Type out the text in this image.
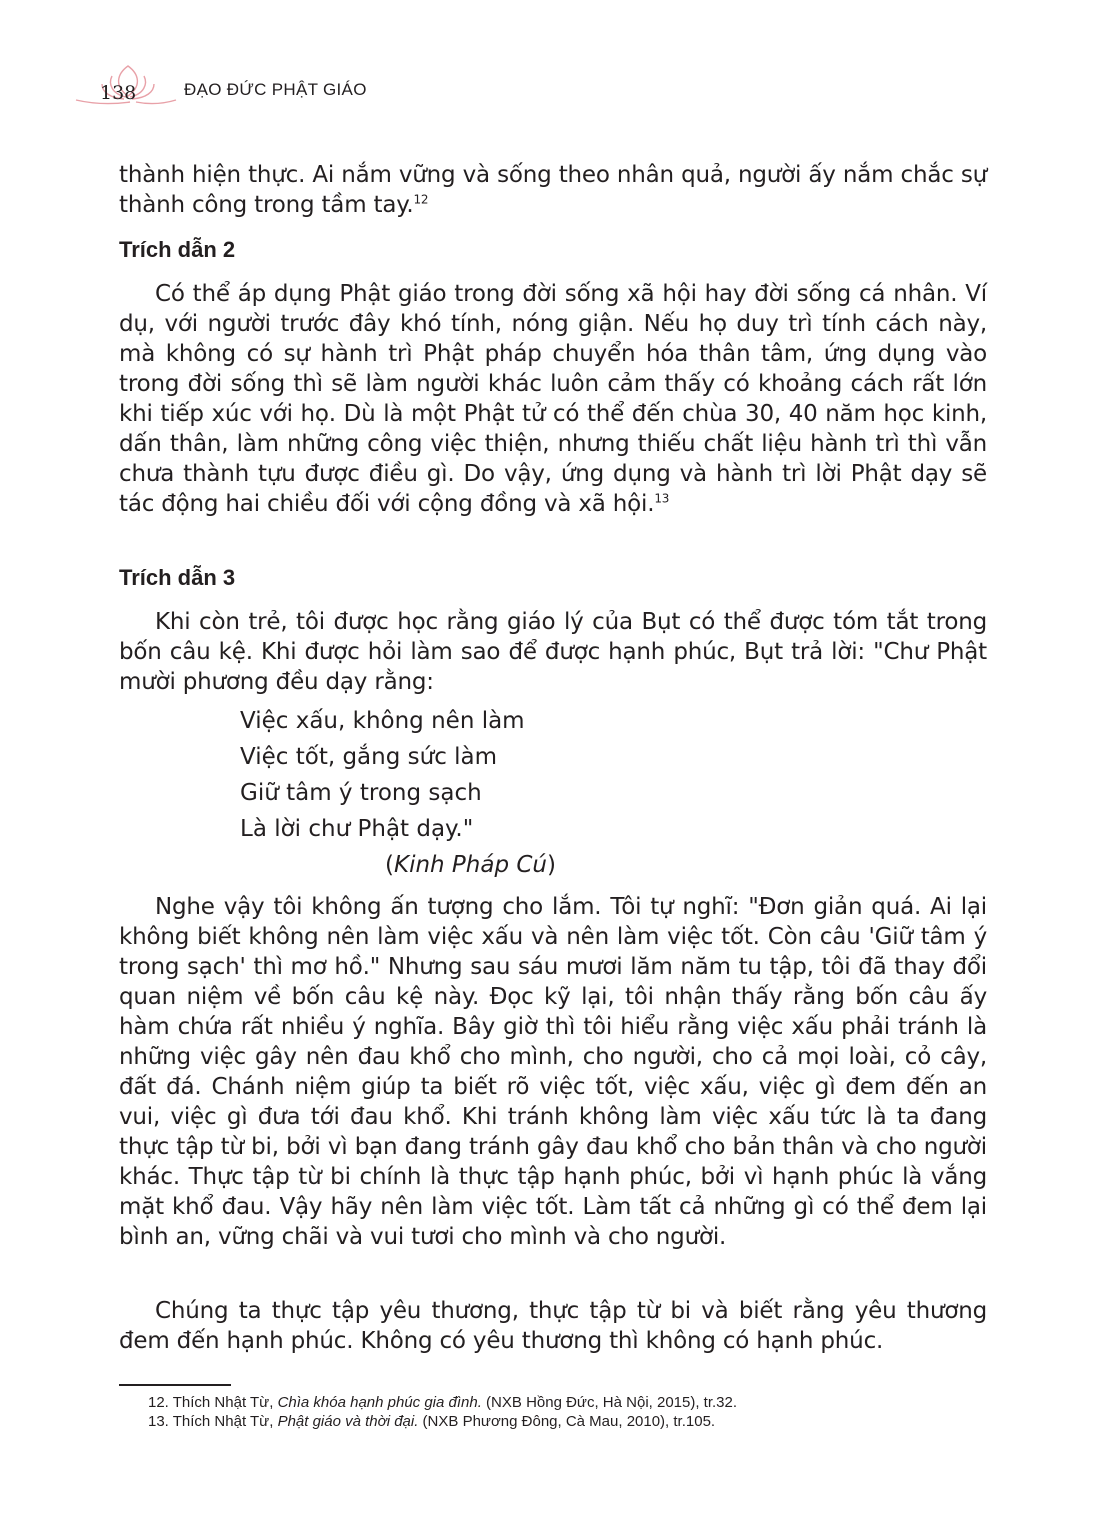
138	ĐẠO ĐỨC PHẬT GIÁO

thành hiện thực. Ai nắm vững và sống theo nhân quả, người ấy nắm chắc sự thành công trong tầm tay.$^{12}$

Trích dẫn 2

Có thể áp dụng Phật giáo trong đời sống xã hội hay đời sống cá nhân. Ví dụ, với người trước đây khó tính, nóng giận. Nếu họ duy trì tính cách này, mà không có sự hành trì Phật pháp chuyển hóa thân tâm, ứng dụng vào trong đời sống thì sẽ làm người khác luôn cảm thấy có khoảng cách rất lớn khi tiếp xúc với họ. Dù là một Phật tử có thể đến chùa 30, 40 năm học kinh, dấn thân, làm những công việc thiện, nhưng thiếu chất liệu hành trì thì vẫn chưa thành tựu được điều gì. Do vậy, ứng dụng và hành trì lời Phật dạy sẽ tác động hai chiều đối với cộng đồng và xã hội.$^{13}$

Trích dẫn 3

Khi còn trẻ, tôi được học rằng giáo lý của Bụt có thể được tóm tắt trong bốn câu kệ. Khi được hỏi làm sao để được hạnh phúc, Bụt trả lời: "Chư Phật mười phương đều dạy rằng:

Việc xấu, không nên làm

Việc tốt, gắng sức làm

Giữ tâm ý trong sạch

Là lời chư Phật dạy."

(Kinh Pháp Cú)

Nghe vậy tôi không ấn tượng cho lắm. Tôi tự nghĩ: "Đơn giản quá. Ai lại không biết không nên làm việc xấu và nên làm việc tốt. Còn câu 'Giữ tâm ý trong sạch' thì mơ hồ." Nhưng sau sáu mươi lăm năm tu tập, tôi đã thay đổi quan niệm về bốn câu kệ này. Đọc kỹ lại, tôi nhận thấy rằng bốn câu ấy hàm chứa rất nhiều ý nghĩa. Bây giờ thì tôi hiểu rằng việc xấu phải tránh là những việc gây nên đau khổ cho mình, cho người, cho cả mọi loài, cỏ cây, đất đá. Chánh niệm giúp ta biết rõ việc tốt, việc xấu, việc gì đem đến an vui, việc gì đưa tới đau khổ. Khi tránh không làm việc xấu tức là ta đang thực tập từ bi, bởi vì bạn đang tránh gây đau khổ cho bản thân và cho người khác. Thực tập từ bi chính là thực tập hạnh phúc, bởi vì hạnh phúc là vắng mặt khổ đau. Vậy hãy nên làm việc tốt. Làm tất cả những gì có thể đem lại bình an, vững chãi và vui tươi cho mình và cho người.

Chúng ta thực tập yêu thương, thực tập từ bi và biết rằng yêu thương đem đến hạnh phúc. Không có yêu thương thì không có hạnh phúc.

12. Thích Nhật Từ, Chìa khóa hạnh phúc gia đình. (NXB Hồng Đức, Hà Nội, 2015), tr.32.

13. Thích Nhật Từ, Phật giáo và thời đại. (NXB Phương Đông, Cà Mau, 2010), tr.105.
